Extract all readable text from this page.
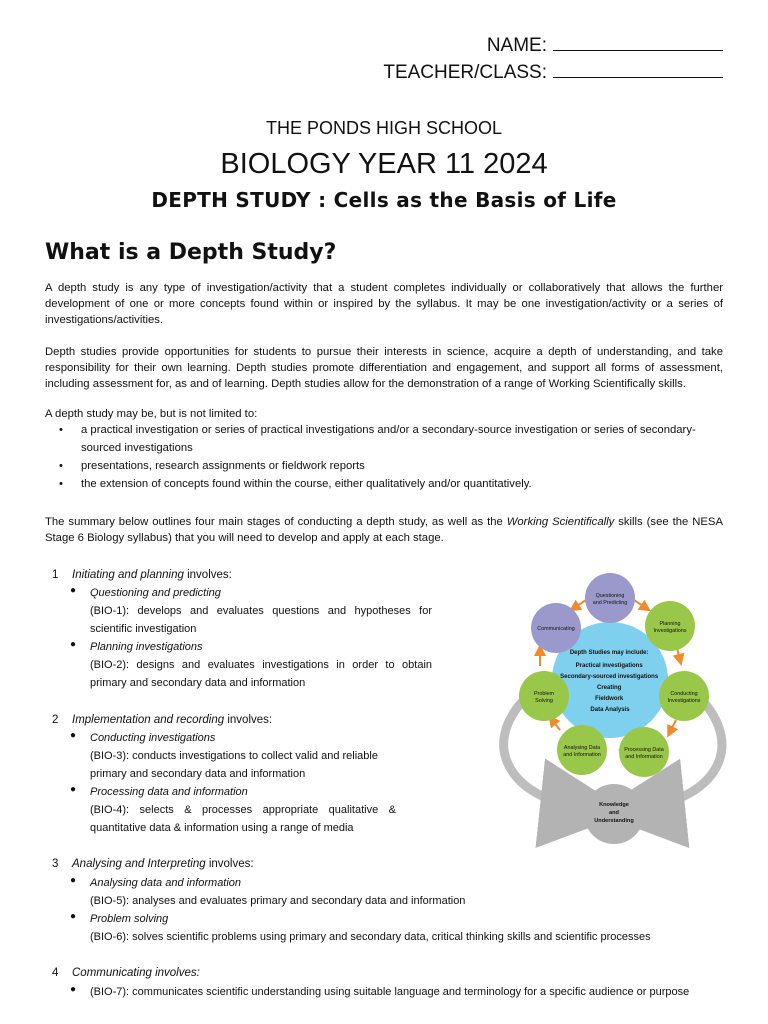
NAME:
TEACHER/CLASS:
THE PONDS HIGH SCHOOL
BIOLOGY YEAR 11 2024
DEPTH STUDY : Cells as the Basis of Life
What is a Depth Study?
A depth study is any type of investigation/activity that a student completes individually or collaboratively that allows the further development of one or more concepts found within or inspired by the syllabus. It may be one investigation/activity or a series of investigations/activities.
Depth studies provide opportunities for students to pursue their interests in science, acquire a depth of understanding, and take responsibility for their own learning. Depth studies promote differentiation and engagement, and support all forms of assessment, including assessment for, as and of learning. Depth studies allow for the demonstration of a range of Working Scientifically skills.
A depth study may be, but is not limited to:
• a practical investigation or series of practical investigations and/or a secondary-source investigation or series of secondary-sourced investigations
• presentations, research assignments or fieldwork reports
• the extension of concepts found within the course, either qualitatively and/or quantitatively.
The summary below outlines four main stages of conducting a depth study, as well as the Working Scientifically skills (see the NESA Stage 6 Biology syllabus) that you will need to develop and apply at each stage.
1 Initiating and planning involves:
● Questioning and predicting
(BIO-1): develops and evaluates questions and hypotheses for
scientific investigation
● Planning investigations
(BIO-2): designs and evaluates investigations in order to obtain
primary and secondary data and information
2 Implementation and recording involves:
● Conducting investigations
(BIO-3): conducts investigations to collect valid and reliable
primary and secondary data and information
● Processing data and information
(BIO-4): selects & processes appropriate qualitative &
quantitative data & information using a range of media
3 Analysing and Interpreting involves:
● Analysing data and information
(BIO-5): analyses and evaluates primary and secondary data and information
● Problem solving
(BIO-6): solves scientific problems using primary and secondary data, critical thinking skills and scientific processes
4 Communicating involves:
● (BIO-7): communicates scientific understanding using suitable language and terminology for a specific audience or purpose
Depth Studies may include: Practical investigations Secondary-sourced investigations Creating Fieldwork Data Analysis
Questioning and Predicting
Planning Investigations
Conducting Investigations
Processing Data and Information
Analysing Data and Information
Problem Solving
Communicating
Knowledge and Understanding
